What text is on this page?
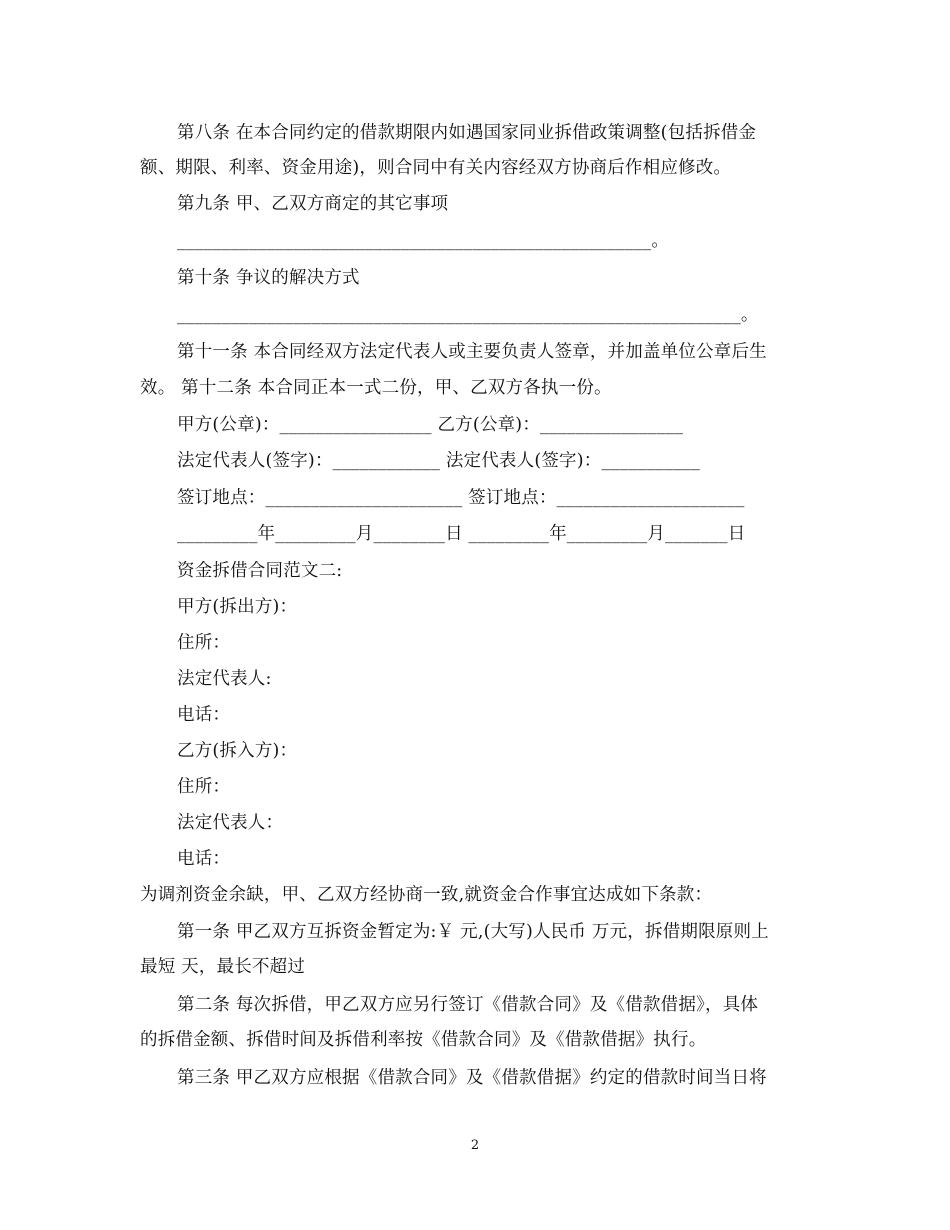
第八条 在本合同约定的借款期限内如遇国家同业拆借政策调整(包括拆借金
额、期限、利率、资金用途)，则合同中有关内容经双方协商后作相应修改。
第九条 甲、乙双方商定的其它事项
_____________________________________________________。
第十条 争议的解决方式
_______________________________________________________________。
第十一条 本合同经双方法定代表人或主要负责人签章，并加盖单位公章后生
效。 第十二条 本合同正本一式二份，甲、乙双方各执一份。
甲方(公章)：_________________ 乙方(公章)：________________
法定代表人(签字)：____________ 法定代表人(签字)：___________
签订地点：______________________ 签订地点：_____________________
_________年_________月________日 _________年_________月_______日
资金拆借合同范文二:
甲方(拆出方)：
住所：
法定代表人:
电话：
乙方(拆入方)：
住所：
法定代表人：
电话：
为调剂资金余缺，甲、乙双方经协商一致,就资金合作事宜达成如下条款：
第一条 甲乙双方互拆资金暂定为:￥ 元,(大写)人民币 万元，拆借期限原则上
最短 天，最长不超过
第二条 每次拆借，甲乙双方应另行签订《借款合同》及《借款借据》，具体
的拆借金额、拆借时间及拆借利率按《借款合同》及《借款借据》执行。
第三条 甲乙双方应根据《借款合同》及《借款借据》约定的借款时间当日将
2
